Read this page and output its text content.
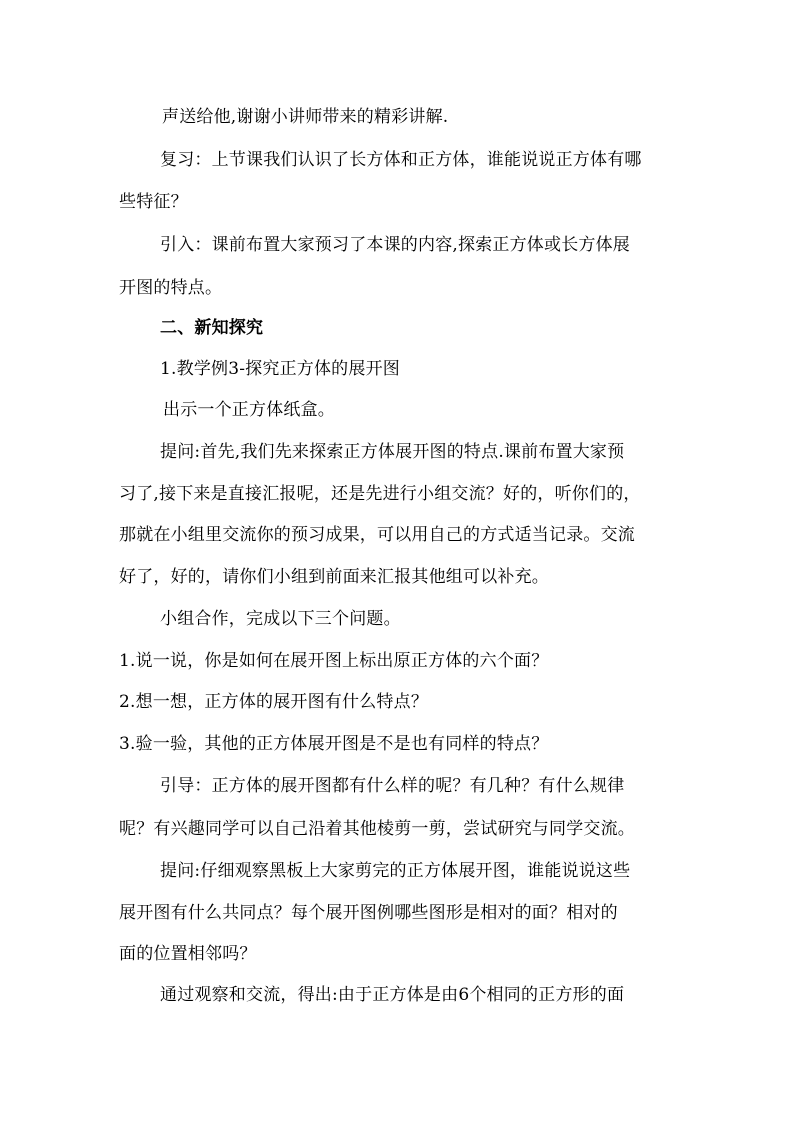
声送给他,谢谢小讲师带来的精彩讲解.
复习：上节课我们认识了长方体和正方体，谁能说说正方体有哪
些特征？
引入：课前布置大家预习了本课的内容,探索正方体或长方体展
开图的特点。
二、新知探究
1.教学例3-探究正方体的展开图
出示一个正方体纸盒。
提问:首先,我们先来探索正方体展开图的特点.课前布置大家预
习了,接下来是直接汇报呢，还是先进行小组交流？好的，听你们的，
那就在小组里交流你的预习成果，可以用自己的方式适当记录。交流
好了，好的，请你们小组到前面来汇报其他组可以补充。
小组合作，完成以下三个问题。
1.说一说，你是如何在展开图上标出原正方体的六个面？
2.想一想，正方体的展开图有什么特点？
3.验一验，其他的正方体展开图是不是也有同样的特点？
引导：正方体的展开图都有什么样的呢？有几种？有什么规律
呢？有兴趣同学可以自己沿着其他棱剪一剪，尝试研究与同学交流。
提问:仔细观察黑板上大家剪完的正方体展开图，谁能说说这些
展开图有什么共同点？每个展开图例哪些图形是相对的面？相对的
面的位置相邻吗？
通过观察和交流，得出:由于正方体是由6个相同的正方形的面
